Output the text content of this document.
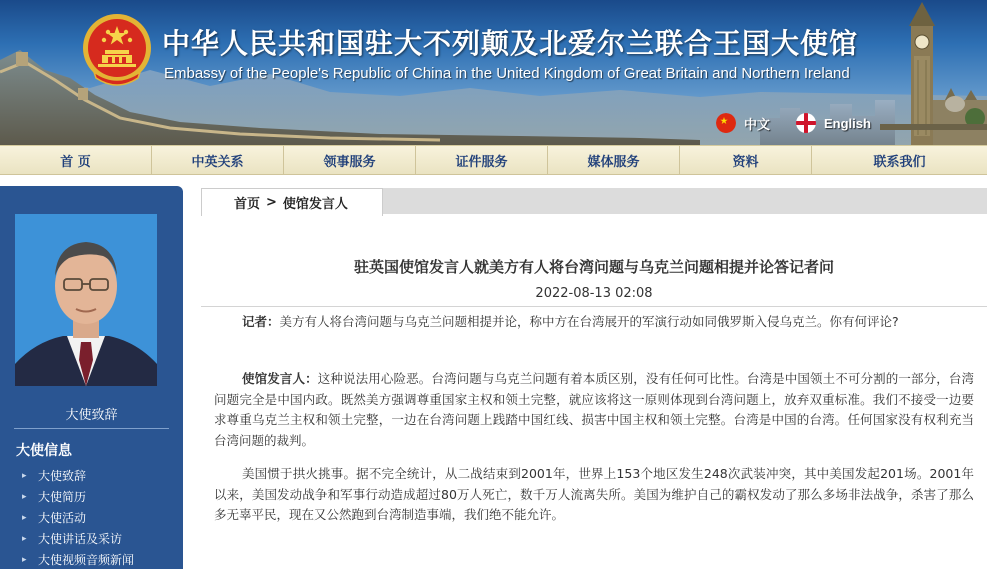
中华人民共和国驻大不列颠及北爱尔兰联合王国大使馆
Embassy of the People's Republic of China in the United Kingdom of Great Britain and Northern Ireland
中文	English
首 页	中英关系	领事服务	证件服务	媒体服务	资料	联系我们
大使致辞
大使信息
▸ 大使致辞
▸ 大使简历
▸ 大使活动
▸ 大使讲话及采访
▸ 大使视频音频新闻
首页 > 使馆发言人
驻英国使馆发言人就美方有人将台湾问题与乌克兰问题相提并论答记者问
2022-08-13 02:08
记者：美方有人将台湾问题与乌克兰问题相提并论，称中方在台湾展开的军演行动如同俄罗斯入侵乌克兰。你有何评论?
使馆发言人：这种说法用心险恶。台湾问题与乌克兰问题有着本质区别，没有任何可比性。台湾是中国领土不可分割的一部分，台湾问题完全是中国内政。既然美方强调尊重国家主权和领土完整，就应该将这一原则体现到台湾问题上，放弃双重标准。我们不接受一边要求尊重乌克兰主权和领土完整，一边在台湾问题上践踏中国红线、损害中国主权和领土完整。台湾是中国的台湾。任何国家没有权利充当台湾问题的裁判。
美国惯于拱火挑事。据不完全统计，从二战结束到2001年，世界上153个地区发生248次武装冲突，其中美国发起201场。2001年以来，美国发动战争和军事行动造成超过80万人死亡，数千万人流离失所。美国为维护自己的霸权发动了那么多场非法战争，杀害了那么多无辜平民，现在又公然跑到台湾制造事端，我们绝不能允许。
